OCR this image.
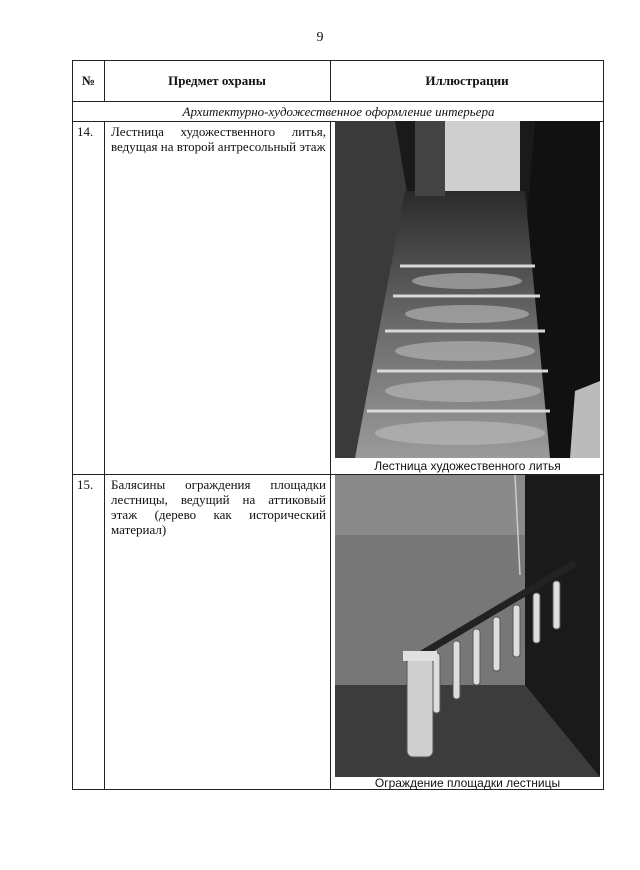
9
№	Предмет охраны	Иллюстрации
Архитектурно-художественное оформление интерьера
14.	Лестница художественного литья, ведущая на второй антресольный этаж
Лестница художественного литья
15.	Балясины ограждения площадки лестницы, ведущий на аттиковый этаж (дерево как исторический материал)
Ограждение площадки лестницы
